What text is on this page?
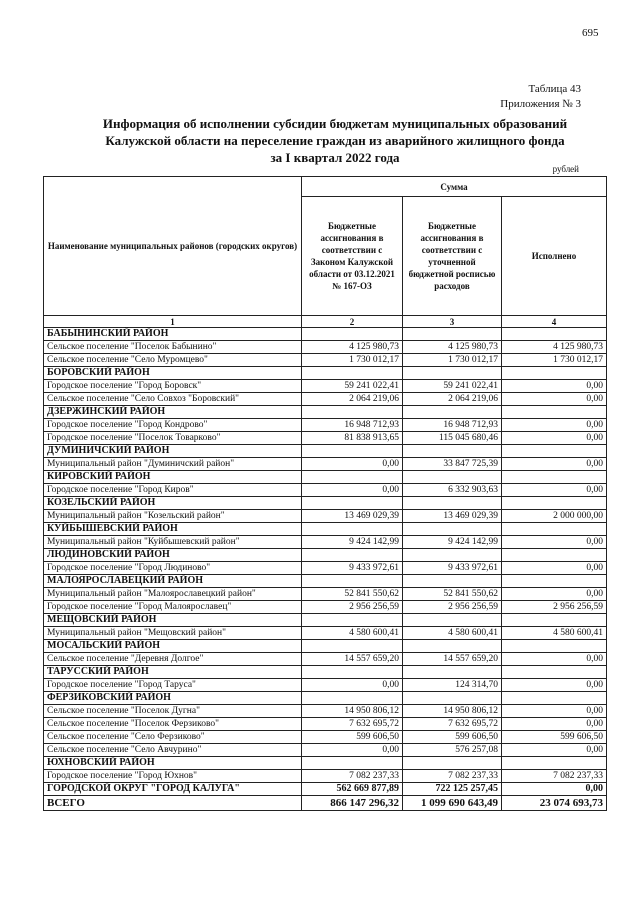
695
Таблица 43
Приложения № 3
Информация об исполнении субсидии бюджетам муниципальных образований
Калужской области на переселение граждан из аварийного жилищного фонда
за I квартал 2022 года
рублей
Наименование муниципальных районов (городских округов)	Сумма		
	Бюджетные ассигнования в соответствии с Законом Калужской области от 03.12.2021 № 167-ОЗ	Бюджетные ассигнования в соответствии с уточненной бюджетной росписью расходов	Исполнено
1	2	3	4
БАБЫНИНСКИЙ РАЙОН			
Сельское поселение "Поселок Бабынино"	4 125 980,73	4 125 980,73	4 125 980,73
Сельское поселение "Село Муромцево"	1 730 012,17	1 730 012,17	1 730 012,17
БОРОВСКИЙ РАЙОН			
Городское поселение "Город Боровск"	59 241 022,41	59 241 022,41	0,00
Сельское поселение "Село Совхоз "Боровский"	2 064 219,06	2 064 219,06	0,00
ДЗЕРЖИНСКИЙ РАЙОН			
Городское поселение "Город Кондрово"	16 948 712,93	16 948 712,93	0,00
Городское поселение "Поселок Товарково"	81 838 913,65	115 045 680,46	0,00
ДУМИНИЧСКИЙ РАЙОН			
Муниципальный район "Думиничский район"	0,00	33 847 725,39	0,00
КИРОВСКИЙ РАЙОН			
Городское поселение "Город Киров"	0,00	6 332 903,63	0,00
КОЗЕЛЬСКИЙ РАЙОН			
Муниципальный район "Козельский район"	13 469 029,39	13 469 029,39	2 000 000,00
КУЙБЫШЕВСКИЙ РАЙОН			
Муниципальный район "Куйбышевский район"	9 424 142,99	9 424 142,99	0,00
ЛЮДИНОВСКИЙ РАЙОН			
Городское поселение "Город Людиново"	9 433 972,61	9 433 972,61	0,00
МАЛОЯРОСЛАВЕЦКИЙ РАЙОН			
Муниципальный район "Малоярославецкий район"	52 841 550,62	52 841 550,62	0,00
Городское поселение "Город Малоярославец"	2 956 256,59	2 956 256,59	2 956 256,59
МЕЩОВСКИЙ РАЙОН			
Муниципальный район "Мещовский район"	4 580 600,41	4 580 600,41	4 580 600,41
МОСАЛЬСКИЙ РАЙОН			
Сельское поселение "Деревня Долгое"	14 557 659,20	14 557 659,20	0,00
ТАРУССКИЙ РАЙОН			
Городское поселение "Город Таруса"	0,00	124 314,70	0,00
ФЕРЗИКОВСКИЙ РАЙОН			
Сельское поселение "Поселок Дугна"	14 950 806,12	14 950 806,12	0,00
Сельское поселение "Поселок Ферзиково"	7 632 695,72	7 632 695,72	0,00
Сельское поселение "Село Ферзиково"	599 606,50	599 606,50	599 606,50
Сельское поселение "Село Авчурино"	0,00	576 257,08	0,00
ЮХНОВСКИЙ РАЙОН			
Городское поселение "Город Юхнов"	7 082 237,33	7 082 237,33	7 082 237,33
ГОРОДСКОЙ ОКРУГ "ГОРОД КАЛУГА"	562 669 877,89	722 125 257,45	0,00
ВСЕГО	866 147 296,32	1 099 690 643,49	23 074 693,73
